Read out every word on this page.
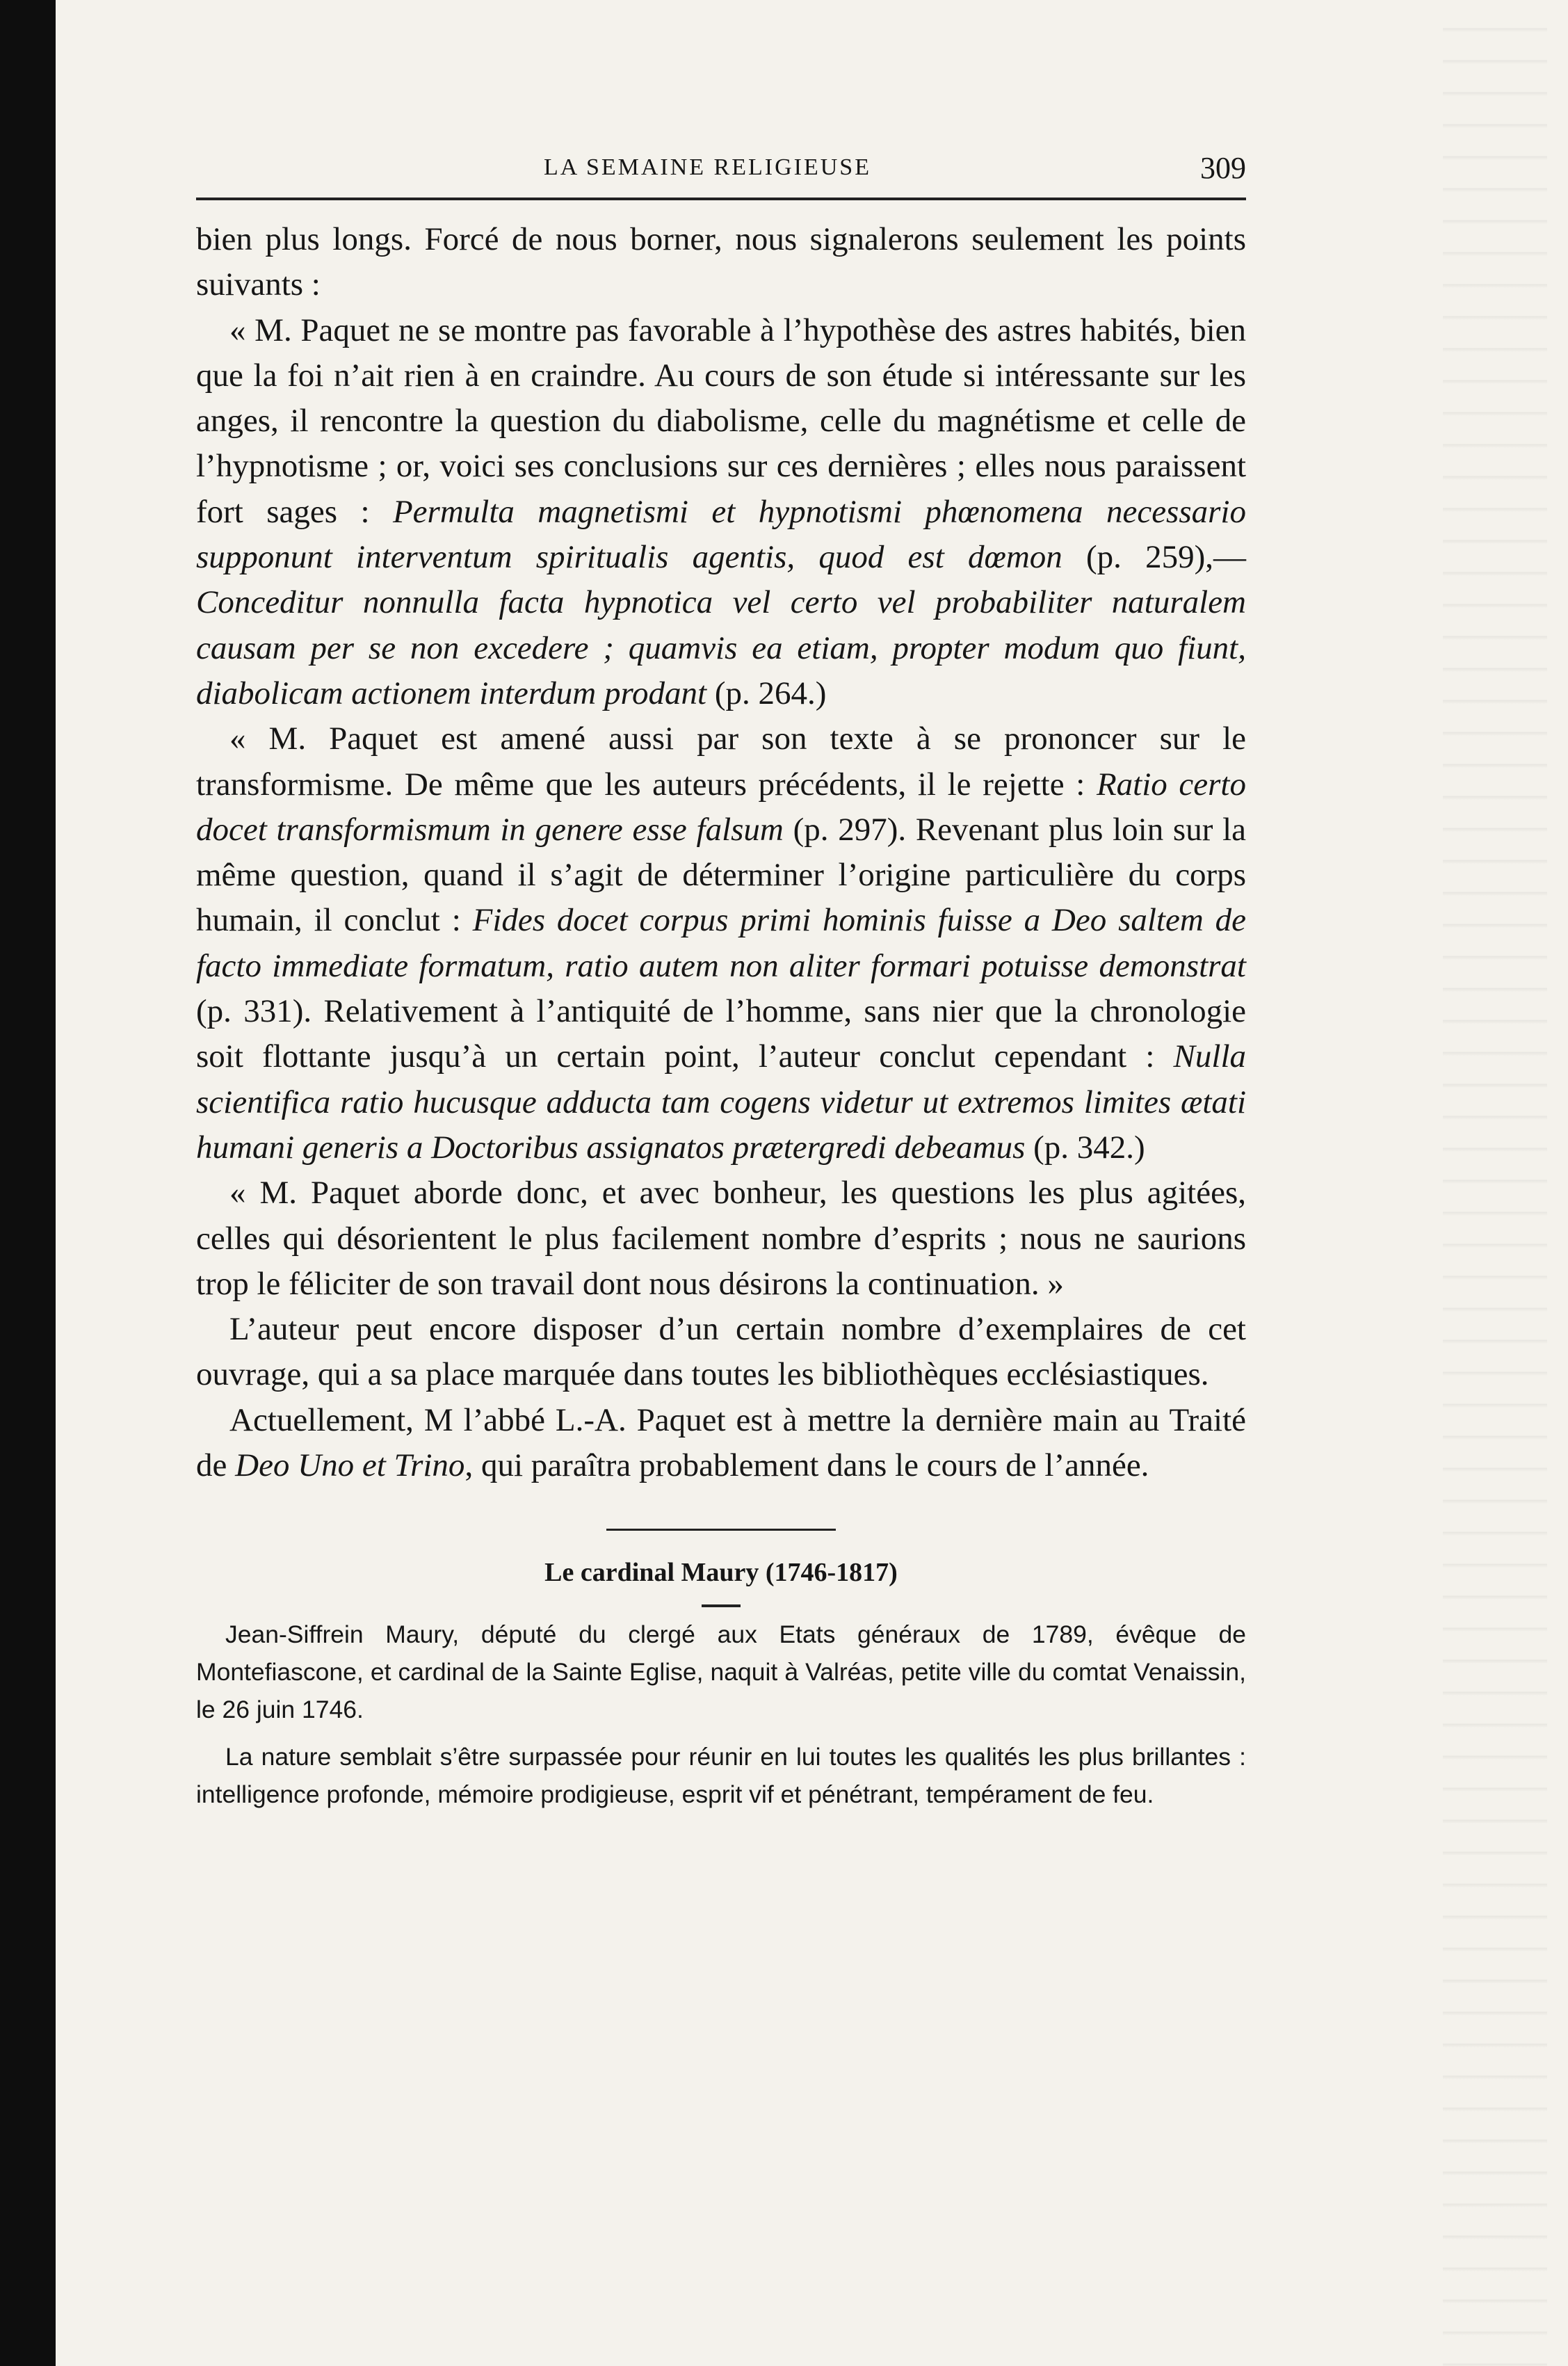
LA SEMAINE RELIGIEUSE	309

bien plus longs. Forcé de nous borner, nous signalerons seulement les points suivants :

« M. Paquet ne se montre pas favorable à l’hypothèse des astres habités, bien que la foi n’ait rien à en craindre. Au cours de son étude si intéressante sur les anges, il rencontre la question du diabolisme, celle du magnétisme et celle de l’hypnotisme ; or, voici ses conclusions sur ces dernières ; elles nous paraissent fort sages : Permulta magnetismi et hypnotismi phœnomena necessario supponunt interventum spiritualis agentis, quod est dœmon (p. 259),—Conceditur nonnulla facta hypnotica vel certo vel probabiliter naturalem causam per se non excedere ; quamvis ea etiam, propter modum quo fiunt, diabolicam actionem interdum prodant (p. 264.)

« M. Paquet est amené aussi par son texte à se prononcer sur le transformisme. De même que les auteurs précédents, il le rejette : Ratio certo docet transformismum in genere esse falsum (p. 297). Revenant plus loin sur la même question, quand il s’agit de déterminer l’origine particulière du corps humain, il conclut : Fides docet corpus primi hominis fuisse a Deo saltem de facto immediate formatum, ratio autem non aliter formari potuisse demonstrat (p. 331). Relativement à l’antiquité de l’homme, sans nier que la chronologie soit flottante jusqu’à un certain point, l’auteur conclut cependant : Nulla scientifica ratio hucusque adducta tam cogens videtur ut extremos limites ætati humani generis a Doctoribus assignatos prætergredi debeamus (p. 342.)

« M. Paquet aborde donc, et avec bonheur, les questions les plus agitées, celles qui désorientent le plus facilement nombre d’esprits ; nous ne saurions trop le féliciter de son travail dont nous désirons la continuation. »

L’auteur peut encore disposer d’un certain nombre d’exemplaires de cet ouvrage, qui a sa place marquée dans toutes les bibliothèques ecclésiastiques.

Actuellement, M l’abbé L.-A. Paquet est à mettre la dernière main au Traité de Deo Uno et Trino, qui paraîtra probablement dans le cours de l’année.

Le cardinal Maury (1746-1817)

Jean-Siffrein Maury, député du clergé aux Etats généraux de 1789, évêque de Montefiascone, et cardinal de la Sainte Eglise, naquit à Valréas, petite ville du comtat Venaissin, le 26 juin 1746.

La nature semblait s’être surpassée pour réunir en lui toutes les qualités les plus brillantes : intelligence profonde, mémoire prodigieuse, esprit vif et pénétrant, tempérament de feu.
